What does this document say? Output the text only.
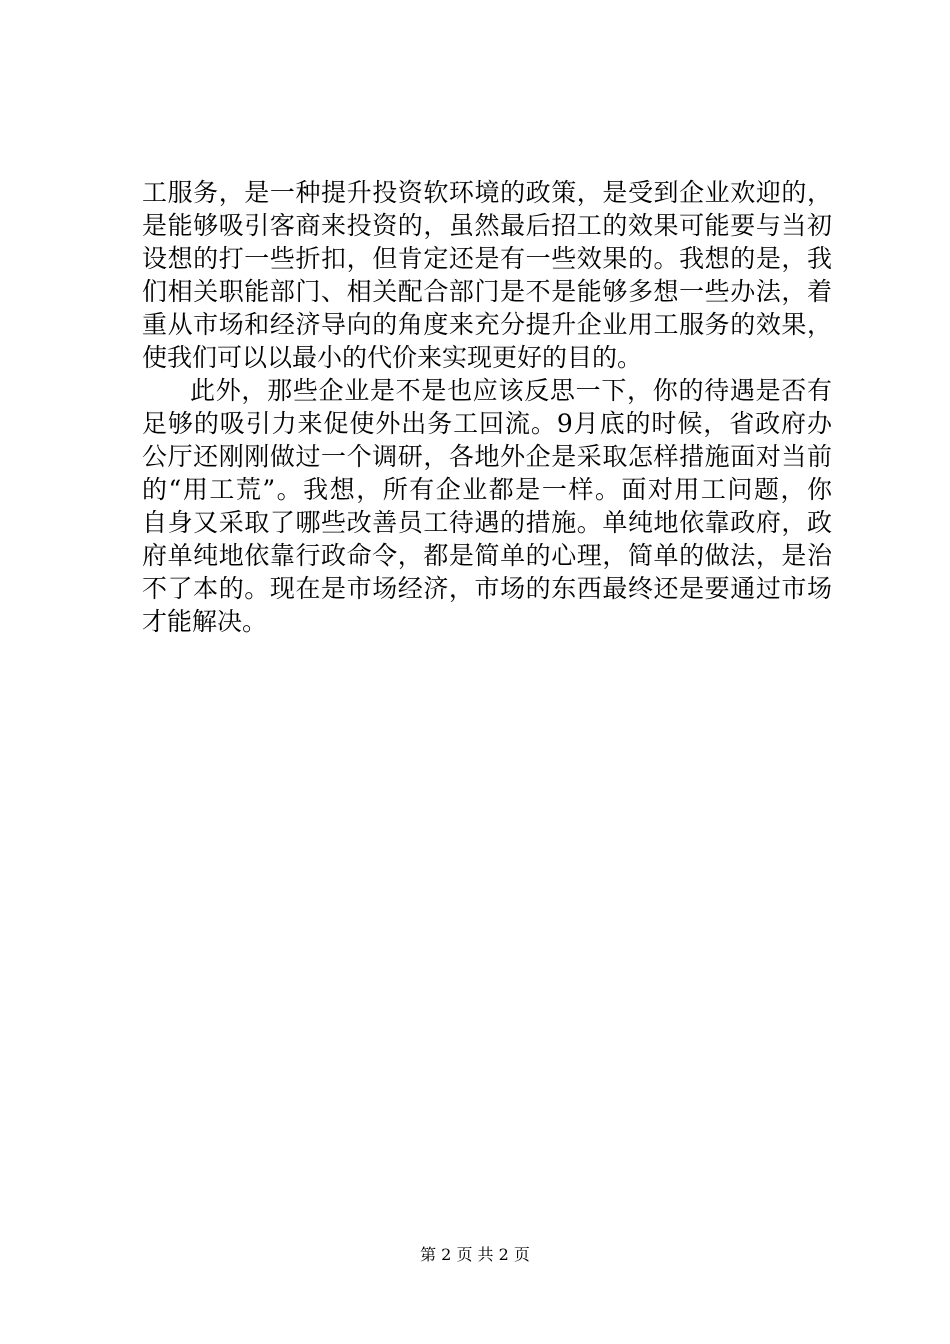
工服务，是一种提升投资软环境的政策，是受到企业欢迎的，
是能够吸引客商来投资的，虽然最后招工的效果可能要与当初
设想的打一些折扣，但肯定还是有一些效果的。我想的是，我
们相关职能部门、相关配合部门是不是能够多想一些办法，着
重从市场和经济导向的角度来充分提升企业用工服务的效果，
使我们可以以最小的代价来实现更好的目的。
此外，那些企业是不是也应该反思一下，你的待遇是否有
足够的吸引力来促使外出务工回流。9月底的时候，省政府办
公厅还刚刚做过一个调研，各地外企是采取怎样措施面对当前
的“用工荒”。我想，所有企业都是一样。面对用工问题，你
自身又采取了哪些改善员工待遇的措施。单纯地依靠政府，政
府单纯地依靠行政命令，都是简单的心理，简单的做法，是治
不了本的。现在是市场经济，市场的东西最终还是要通过市场
才能解决。
第 2 页 共 2 页
